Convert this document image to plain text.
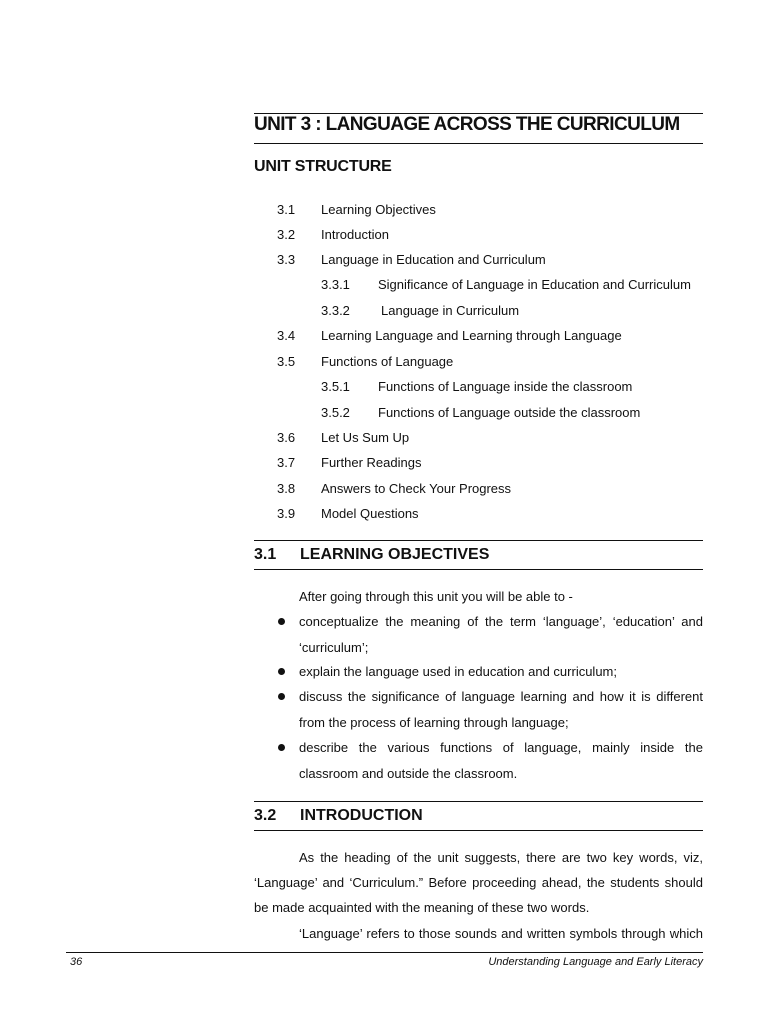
UNIT 3 : LANGUAGE ACROSS THE CURRICULUM
UNIT STRUCTURE
3.1 Learning Objectives
3.2 Introduction
3.3 Language in Education and Curriculum
3.3.1 Significance of Language in Education and Curriculum
3.3.2 Language in Curriculum
3.4 Learning Language and Learning through Language
3.5 Functions of Language
3.5.1 Functions of Language inside the classroom
3.5.2 Functions of Language outside the classroom
3.6 Let Us Sum Up
3.7 Further Readings
3.8 Answers to Check Your Progress
3.9 Model Questions
3.1 LEARNING OBJECTIVES
After going through this unit you will be able to -
conceptualize the meaning of the term ‘language’, ‘education’ and
‘curriculum’;
explain the language used in education and curriculum;
discuss the significance of language learning and how it is different
from the process of learning through language;
describe the various functions of language, mainly inside the
classroom and outside the classroom.
3.2 INTRODUCTION
As the heading of the unit suggests, there are two key words, viz,
‘Language’ and ‘Curriculum.” Before proceeding ahead, the students should
be made acquainted with the meaning of these two words.
‘Language’ refers to those sounds and written symbols through which
36	Understanding Language and Early Literacy
